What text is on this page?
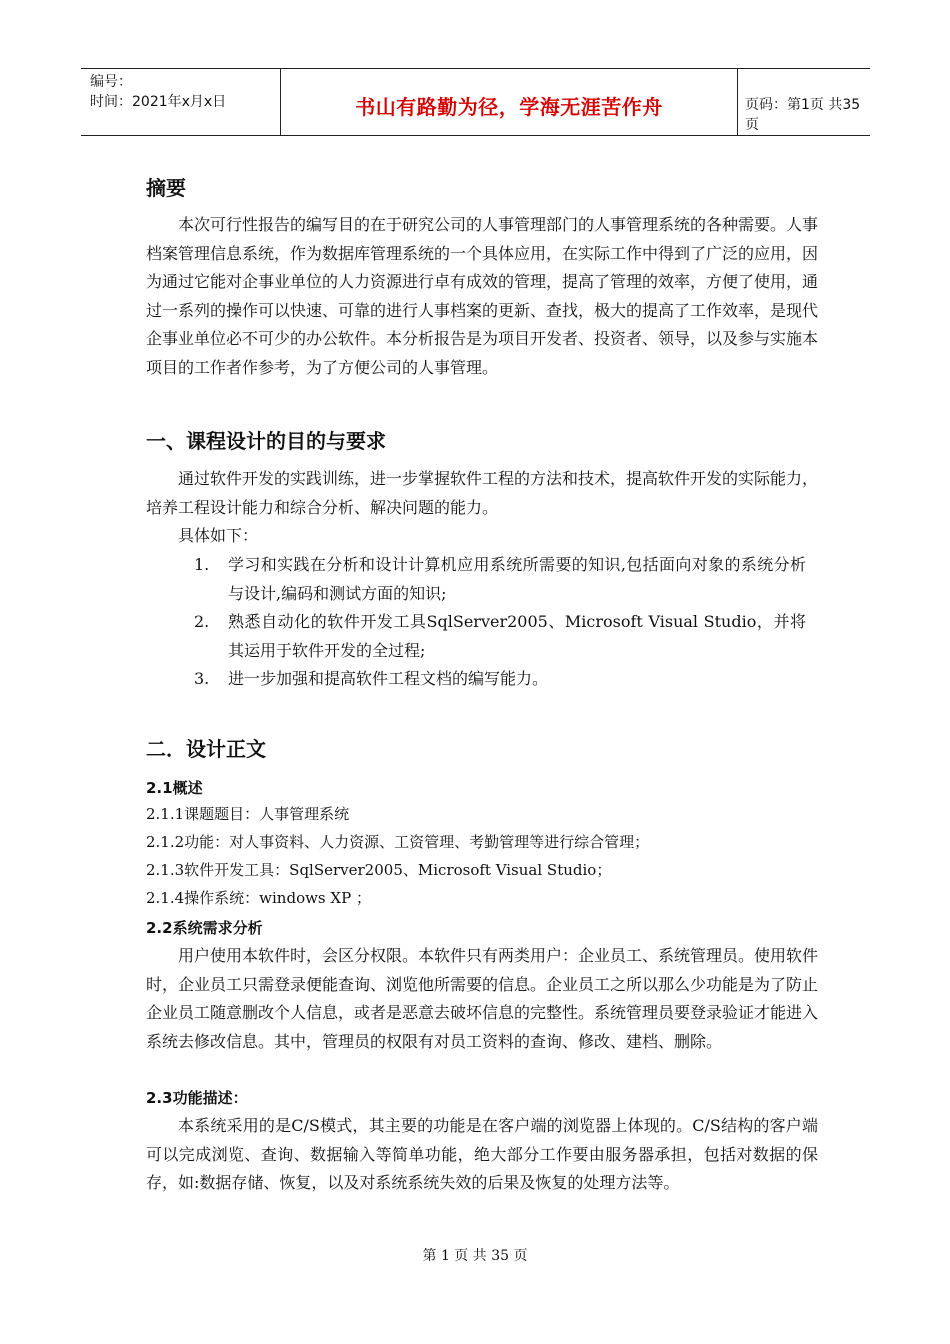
编号：
时间：2021年x月x日	书山有路勤为径，学海无涯苦作舟	页码：第1页 共35页
摘要

本次可行性报告的编写目的在于研究公司的人事管理部门的人事管理系统的各种需要。人事档案管理信息系统，作为数据库管理系统的一个具体应用，在实际工作中得到了广泛的应用，因为通过它能对企事业单位的人力资源进行卓有成效的管理，提高了管理的效率，方便了使用，通过一系列的操作可以快速、可靠的进行人事档案的更新、查找，极大的提高了工作效率，是现代企事业单位必不可少的办公软件。本分析报告是为项目开发者、投资者、领导，以及参与实施本项目的工作者作参考，为了方便公司的人事管理。

一、课程设计的目的与要求

通过软件开发的实践训练，进一步掌握软件工程的方法和技术，提高软件开发的实际能力，培养工程设计能力和综合分析、解决问题的能力。

具体如下：

1. 学习和实践在分析和设计计算机应用系统所需要的知识,包括面向对象的系统分析与设计,编码和测试方面的知识;
2. 熟悉自动化的软件开发工具SqlServer2005、Microsoft Visual Studio，并将其运用于软件开发的全过程;
3. 进一步加强和提高软件工程文档的编写能力。
二．设计正文
2.1概述
2.1.1课题题目：人事管理系统
2.1.2功能：对人事资料、人力资源、工资管理、考勤管理等进行综合管理；
2.1.3软件开发工具：SqlServer2005、Microsoft Visual Studio；
2.1.4操作系统：windows XP ；
2.2系统需求分析

用户使用本软件时，会区分权限。本软件只有两类用户：企业员工、系统管理员。使用软件时，企业员工只需登录便能查询、浏览他所需要的信息。企业员工之所以那么少功能是为了防止企业员工随意删改个人信息，或者是恶意去破坏信息的完整性。系统管理员要登录验证才能进入系统去修改信息。其中，管理员的权限有对员工资料的查询、修改、建档、删除。

2.3功能描述：

本系统采用的是C/S模式，其主要的功能是在客户端的浏览器上体现的。C/S结构的客户端可以完成浏览、查询、数据输入等简单功能，绝大部分工作要由服务器承担，包括对数据的保存，如:数据存储、恢复，以及对系统系统失效的后果及恢复的处理方法等。

第 1 页 共 35 页
